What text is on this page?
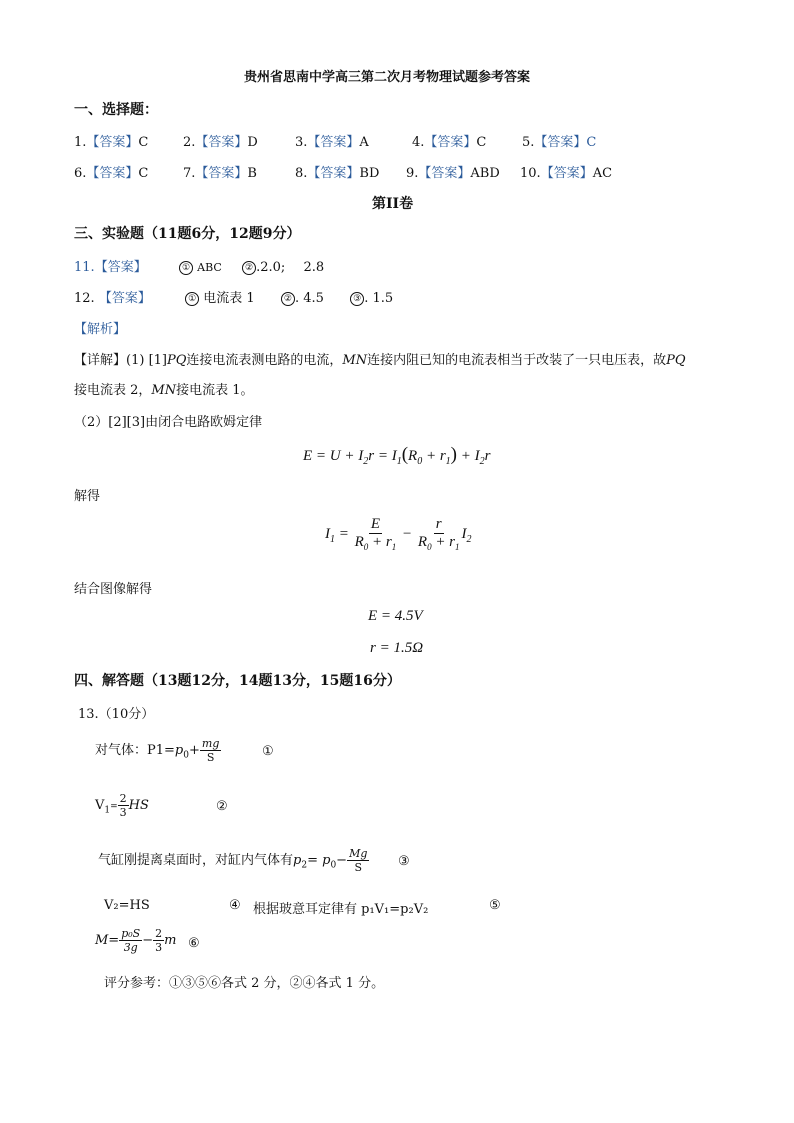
贵州省思南中学高三第二次月考物理试题参考答案
一、选择题：
1.【答案】C	2.【答案】D	3.【答案】A	4.【答案】C	5.【答案】C
6.【答案】C	7.【答案】B	8.【答案】BD 9.【答案】ABD 10.【答案】AC
第II卷
三、实验题（11题6分，12题9分）
11.【答案】	① ABC	② .2.0; 2.8
12. 【答案】	① 电流表 1	② . 4.5	③ . 1.5
【解析】
【详解】(1) [1]PQ连接电流表测电路的电流，MN连接内阻已知的电流表相当于改装了一只电压表，故PQ
接电流表 2，MN接电流表 1。
（2）[2][3]由闭合电路欧姆定律
$E = U + I_2r = I_1(R_0 + r_1) + I_2r$
解得
$I_1 = \frac{E}{R_0 + r_1} - \frac{r}{R_0 + r_1} I_2$
结合图像解得
E = 4.5V
r = 1.5Ω
四、解答题（13题12分，14题13分，15题16分）
13.（10分）
对气体：$P1=p_0+ \frac{mg}{S}$	①
$V_1= \frac{2}{3}$ HS	②
气缸刚提离桌面时，对缸内气体有$p_2= p_0- \frac{Mg}{S}$ ③
V₂=HS	④ 根据玻意耳定律有 p₁V₁=p₂V₂	⑤
$M= \frac{\text{p₀S}}{3g} - \frac{2}{3}$ m ⑥
评分参考：①③⑤⑥各式 2 分，②④各式 1 分。
